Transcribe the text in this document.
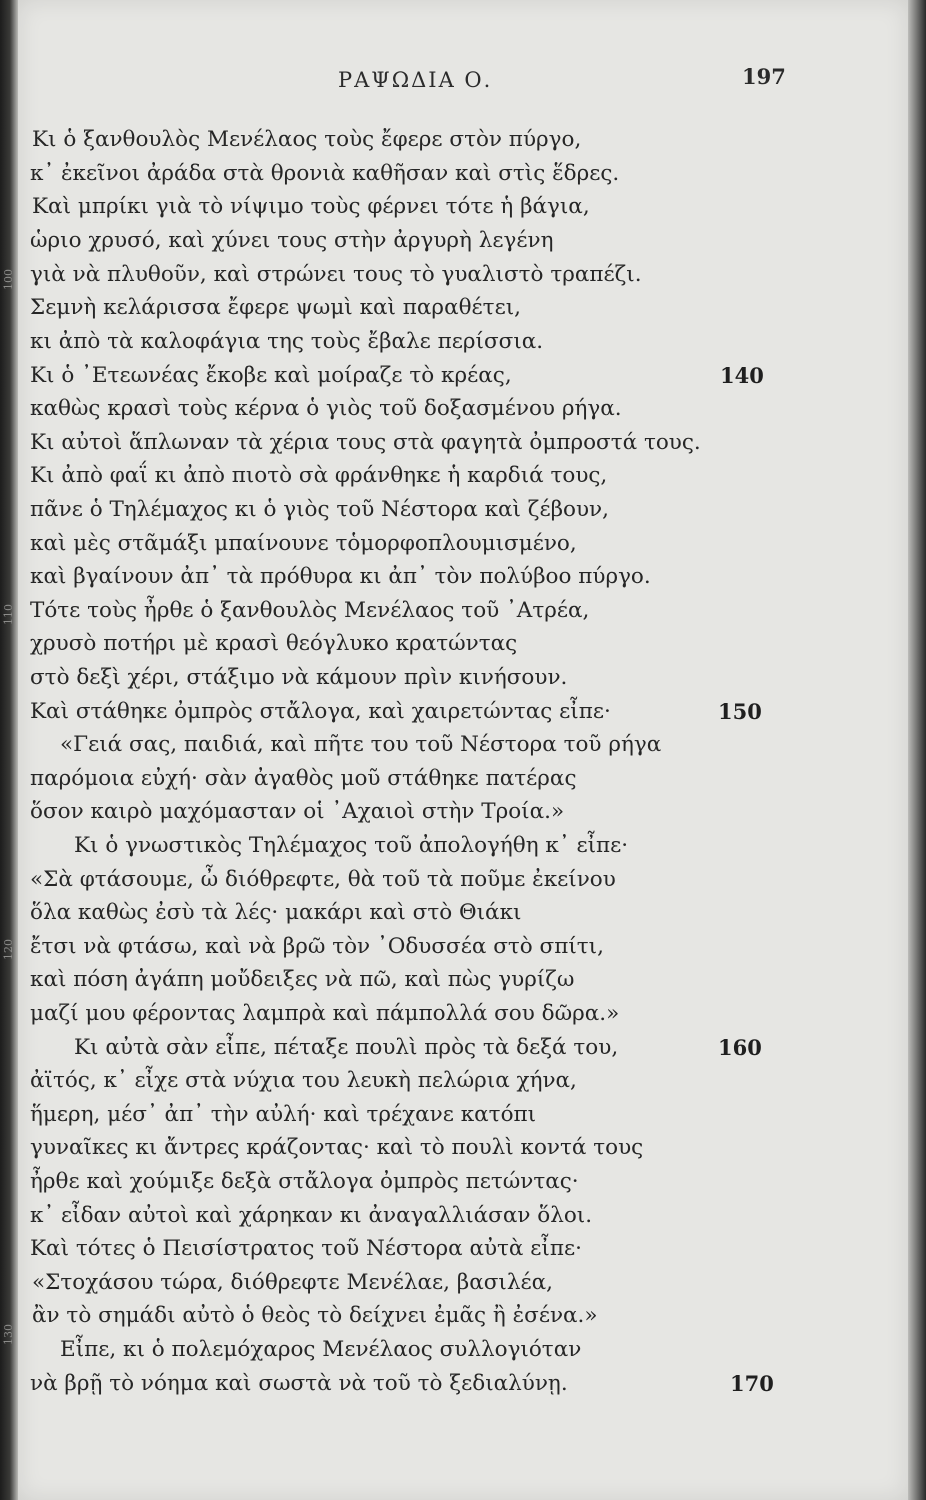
ΡΑΨΩΔΙΑ Ο.	197
Κι ὁ ξανθουλὸς Μενέλαος τοὺς ἔφερε στὸν πύργο,
κ᾽ ἐκεῖνοι ἀράδα στὰ θρονιὰ καθῆσαν καὶ στὶς ἕδρες.
Καὶ μπρίκι γιὰ τὸ νίψιμο τοὺς φέρνει τότε ἡ βάγια,
ὡριο χρυσό, καὶ χύνει τους στὴν ἀργυρὴ λεγένη
γιὰ νὰ πλυθοῦν, καὶ στρώνει τους τὸ γυαλιστὸ τραπέζι.
Σεμνὴ κελάρισσα ἔφερε ψωμὶ καὶ παραθέτει,
κι ἀπὸ τὰ καλοφάγια της τοὺς ἔβαλε περίσσια.
Κι ὁ ᾽Ετεωνέας ἔκοβε καὶ μοίραζε τὸ κρέας,
καθὼς κρασὶ τοὺς κέρνα ὁ γιὸς τοῦ δοξασμένου ρήγα.
Κι αὐτοὶ ἅπλωναν τὰ χέρια τους στὰ φαγητὰ ὀμπροστά τους.
Κι ἀπὸ φαΐ κι ἀπὸ πιοτὸ σὰ φράνθηκε ἡ καρδιά τους,
πᾶνε ὁ Τηλέμαχος κι ὁ γιὸς τοῦ Νέστορα καὶ ζέβουν,
καὶ μὲς στᾶμάξι μπαίνουνε τὁμορφοπλουμισμένο,
καὶ βγαίνουν ἀπ᾽ τὰ πρόθυρα κι ἀπ᾽ τὸν πολύβοο πύργο.
Τότε τοὺς ἦρθε ὁ ξανθουλὸς Μενέλαος τοῦ ᾽Ατρέα,
χρυσὸ ποτήρι μὲ κρασὶ θεόγλυκο κρατώντας
στὸ δεξὶ χέρι, στάξιμο νὰ κάμουν πρὶν κινήσουν.
Καὶ στάθηκε ὀμπρὸς στἄλογα, καὶ χαιρετώντας εἶπε·
«Γειά σας, παιδιά, καὶ πῆτε του τοῦ Νέστορα τοῦ ρήγα
παρόμοια εὐχή· σὰν ἀγαθὸς μοῦ στάθηκε πατέρας
ὅσον καιρὸ μαχόμασταν οἱ ᾽Αχαιοὶ στὴν Τροία.»
Κι ὁ γνωστικὸς Τηλέμαχος τοῦ ἀπολογήθη κ᾽ εἶπε·
«Σὰ φτάσουμε, ὦ διόθρεφτε, θὰ τοῦ τὰ ποῦμε ἐκείνου
ὅλα καθὼς ἐσὺ τὰ λές· μακάρι καὶ στὸ Θιάκι
ἔτσι νὰ φτάσω, καὶ νὰ βρῶ τὸν ᾽Οδυσσέα στὸ σπίτι,
καὶ πόση ἀγάπη μοὔδειξες νὰ πῶ, καὶ πὼς γυρίζω
μαζί μου φέροντας λαμπρὰ καὶ πάμπολλά σου δῶρα.»
Κι αὐτὰ σὰν εἶπε, πέταξε πουλὶ πρὸς τὰ δεξά του,
ἀϊτός, κ᾽ εἶχε στὰ νύχια του λευκὴ πελώρια χήνα,
ἥμερη, μέσ᾽ ἀπ᾽ τὴν αὐλή· καὶ τρέχανε κατόπι
γυναῖκες κι ἄντρες κράζοντας· καὶ τὸ πουλὶ κοντά τους
ἦρθε καὶ χούμιξε δεξὰ στἄλογα ὀμπρὸς πετώντας·
κ᾽ εἶδαν αὐτοὶ καὶ χάρηκαν κι ἀναγαλλιάσαν ὅλοι.
Καὶ τότες ὁ Πεισίστρατος τοῦ Νέστορα αὐτὰ εἶπε·
«Στοχάσου τώρα, διόθρεφτε Μενέλαε, βασιλέα,
ἂν τὸ σημάδι αὐτὸ ὁ θεὸς τὸ δείχνει ἐμᾶς ἢ ἐσένα.»
Εἶπε, κι ὁ πολεμόχαρος Μενέλαος συλλογιόταν
νὰ βρῇ τὸ νόημα καὶ σωστὰ νὰ τοῦ τὸ ξεδιαλύνῃ.
140
150
160
170
100
110
120
130
